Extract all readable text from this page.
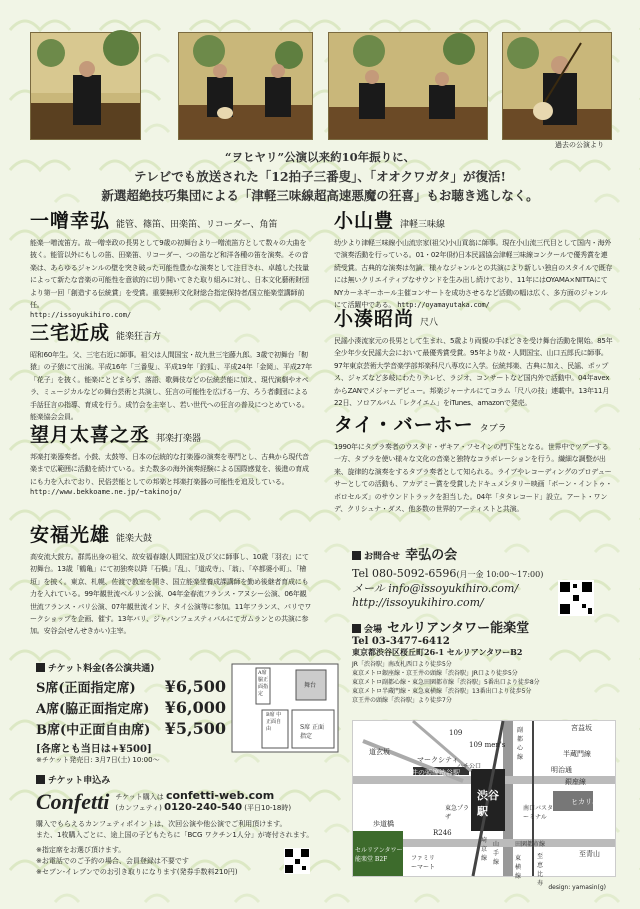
過去の公演より
“ヲヒヤリ”公演以来約10年振りに、
テレビでも放送された「12拍子三番叟」、「オオクワガタ」が復活!
新選超絶技巧集団による「津軽三味線超高速悪魔の狂喜」もお聴き逃しなく。
一噌幸弘 能管、篠笛、田楽笛、リコーダー、角笛
能楽一噌流笛方。故一噌幸政の長男として9歳の初舞台より一噌流笛方として数々の大曲を披く。能管以外にもしの笛、田楽笛、リコーダー、つの笛など和洋各種の笛を演奏。その音楽は、あらゆるジャンルの壁を突き破った可能性豊かな演奏として注目され、卓越した技量によって新たな音楽の可能性を意欲的に切り開いてきた取り組みに対し、日本文化藝術財団より第一回「創造する伝統賞」を受賞。重要無形文化財総合指定保持者/国立能楽堂講師前任。
http://issoyukihiro.com/
三宅近成 能楽狂言方
昭和60年生。父、三宅右近に師事。祖父は人間国宝・故九世三宅藤九郎。3歳で初舞台「靭猿」の子猿にて出演。平成16年「三番叟」、平成19年「釣狐」、平成24年「金岡」、平成27年「花子」を披く。能楽にとどまらず、落語、歌舞伎などの伝統芸能に加え、現代演劇やオペラ、ミュージカルなどの舞台芸術と共演し、狂言の可能性を広げる一方、ろう者劇団による手話狂言の指導、育成を行う。成竹会を主宰し、若い世代への狂言の普及につとめている。能楽協会会員。
望月太喜之丞 邦楽打楽器
邦楽打楽器奏者。小鼓、太鼓等、日本の伝統的な打楽器の演奏を専門とし、古典から現代音楽まで広範囲に活動を続けている。また数多の海外演奏経験による国際感覚を、後進の育成にも力を入れており、民俗芸能としての邦楽と邦楽打楽器の可能性を追及している。
http://www.bekkoame.ne.jp/~takinojo/
安福光雄 能楽大鼓
高安流大鼓方。群馬出身の祖父、故安福春雄(人間国宝)及び父に師事し、10歳「羽衣」にて初舞台。13歳「鶴亀」にて初独奏以降「石橋」「乱」、「道成寺」、「翁」、「卒都婆小町」、「檜垣」を披く。東京、札幌、佐渡で教室を開き、国立能楽堂養成課講師を勤め後継者育成にも力を入れている。99年観世流ベルリン公演、04年金春流フランス・アヌシー公演、06年観世流フランス・パリ公演、07年観世流インド、タイ公演等に参加。11年フランス、パリでワークショップを企画、催す。13年バリ、ジャパンフェスティバルにてガムランとの共演に参加。安谷会(せんせきかい)主宰。
小山豊 津軽三味線
幼少より津軽三味線小山流宗家(祖父)小山貢翁に師事。現在小山流三代目として国内・海外で演奏活動を行っている。01・02年(財)日本民謡協会津軽三味線コンクールで優秀賞を連続受賞。古典的な演奏は勿論、様々なジャンルとの共演により新しい独自のスタイルで既存には無いクリエイティブなサウンドを生み出し続けており、11年にはOYAMA×NITTAにてNYカーネギーホール主催コンサートを成功させるなど活動の幅は広く、多方面のジャンルにて活躍中である。 http://oyamayutaka.com/
小湊昭尚 尺八
民謡小湊流家元の長男として生まれ、5歳より両親の手ほどきを受け舞台活動を開始。85年全少年少女民謡大会において最優秀賞受賞。95年より故・人間国宝、山口五郎氏に師事。97年東京芸術大学音楽学部邦楽科尺八専攻に入学。伝統邦楽、古典に加え、民謡、ポップス、ジャズなど多岐にわたりテレビ、ラジオ、コンサートなど国内外で活動中。04年avexからZANでメジャーデビュー。邦楽ジャーナルにてコラム「尺八の技」連載中。13年11月22日、ソロアルバム「レクイエム」をiTunes、amazonで発売。
タイ・バーホー タブラ
1990年にタブラ奏者のウスタド・ザキア・フセインの門下生となる。世界中でツアーする一方、タブラを使い様々な文化の音楽と独特なコラボレーションを行う。繊細な調整が出来、旋律的な演奏をするタブラ奏者として知られる。ライブやレコーディングのプロデューサーとしての活動も、アカデミー賞を受賞したドキュメンタリー映画「ボーン・イントゥ・ボロセルズ」のサウンドトラックを担当した。04年「タタレコード」設立。アート・ワンデ、クリシュナ・ダス、他多数の世界的アーティストと共演。
お問合せ 幸弘の会
Tel 080-5092-6596(月一金 10:00〜17:00)
メール info@issoyukihiro.com/
http://issoyukihiro.com/
会場 セルリアンタワー能楽堂
Tel 03-3477-6412
東京都渋谷区桜丘町26-1 セルリアンタワーB2
JR「渋谷駅」南改札西口より徒歩5分
東京メトロ銀座線・京王井の頭線「渋谷駅」JR口より徒歩5分
東京メトロ副都心線・東急田園都市線「渋谷駅」5番出口より徒歩8分
東京メトロ半蔵門線・東急東横線「渋谷駅」13番出口より徒歩5分
京王井の頭線「渋谷駅」より徒歩7分
宮益坂
半蔵門線
明治通
銀座線
ヒカリエ
南口バスターミナル
田園都市線
東急プラザ
マークシティ
井の頭線渋谷駅
道玄坂
渋谷駅
ハチ公口
109
109 men's
副都心線
セルリアンタワー能楽堂 B2F	ファミリーマート
R246
歩道橋
至青山
至恵比寿
東横線
埼京線
山手線
チケット料金(各公演共通)
S席(正面指定席) ¥6,500
A席(脇正面指定席) ¥6,000
B席(中正面自由席) ¥5,500
[各席とも当日は+¥500]
※チケット発売日: 3月7日(土) 10:00〜
舞台
A席 脇正面指定
B席 中正面自由	S席 正面指定
チケット申込み
Confetti チケット購入は confetti-web.com
(カンフェティ) 0120-240-540 (平日10-18時)
購入でもらえるカンフェティポイントは、次回公演や他公演でご利用頂けます。
また、1枚購入ごとに、途上国の子どもたちに「BCG ワクチン1人分」が寄付されます。
※指定席をお選び頂けます。
※お電話でのご予約の場合、会員登録は不要です
※セブン-イレブンでのお引き取りになります(発券手数料210円)
design: yamasin(g)
